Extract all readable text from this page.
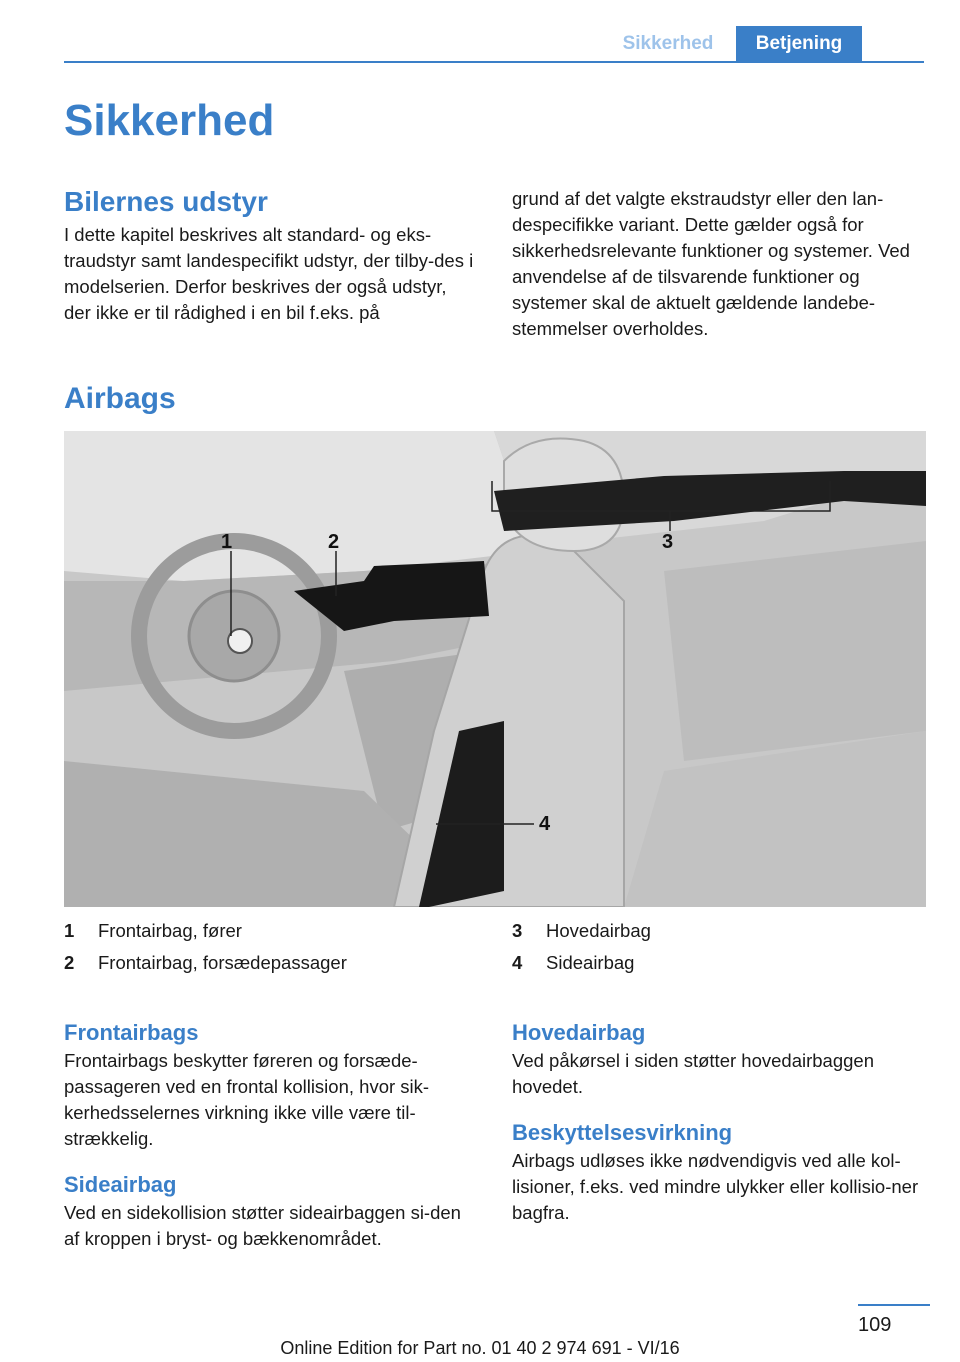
Sikkerhed	Betjening
Sikkerhed
Bilernes udstyr

I dette kapitel beskrives alt standard- og eks-traudstyr samt landespecifikt udstyr, der tilby-des i modelserien. Derfor beskrives der også udstyr, der ikke er til rådighed i en bil f.eks. på

grund af det valgte ekstraudstyr eller den lan-despecifikke variant. Dette gælder også for sikkerhedsrelevante funktioner og systemer. Ved anvendelse af de tilsvarende funktioner og systemer skal de aktuelt gældende landebe-stemmelser overholdes.

Airbags
1	2	3
4
1 Frontairbag, fører
2 Frontairbag, forsædepassager
3 Hovedairbag
4 Sideairbag
Frontairbags

Frontairbags beskytter føreren og forsæde-passageren ved en frontal kollision, hvor sik-kerhedsselernes virkning ikke ville være til-strækkelig.

Sideairbag

Ved en sidekollision støtter sideairbaggen si-den af kroppen i bryst- og bækkenområdet.

Hovedairbag

Ved påkørsel i siden støtter hovedairbaggen hovedet.

Beskyttelsesvirkning

Airbags udløses ikke nødvendigvis ved alle kol-lisioner, f.eks. ved mindre ulykker eller kollisio-ner bagfra.

109
Online Edition for Part no. 01 40 2 974 691 - VI/16
